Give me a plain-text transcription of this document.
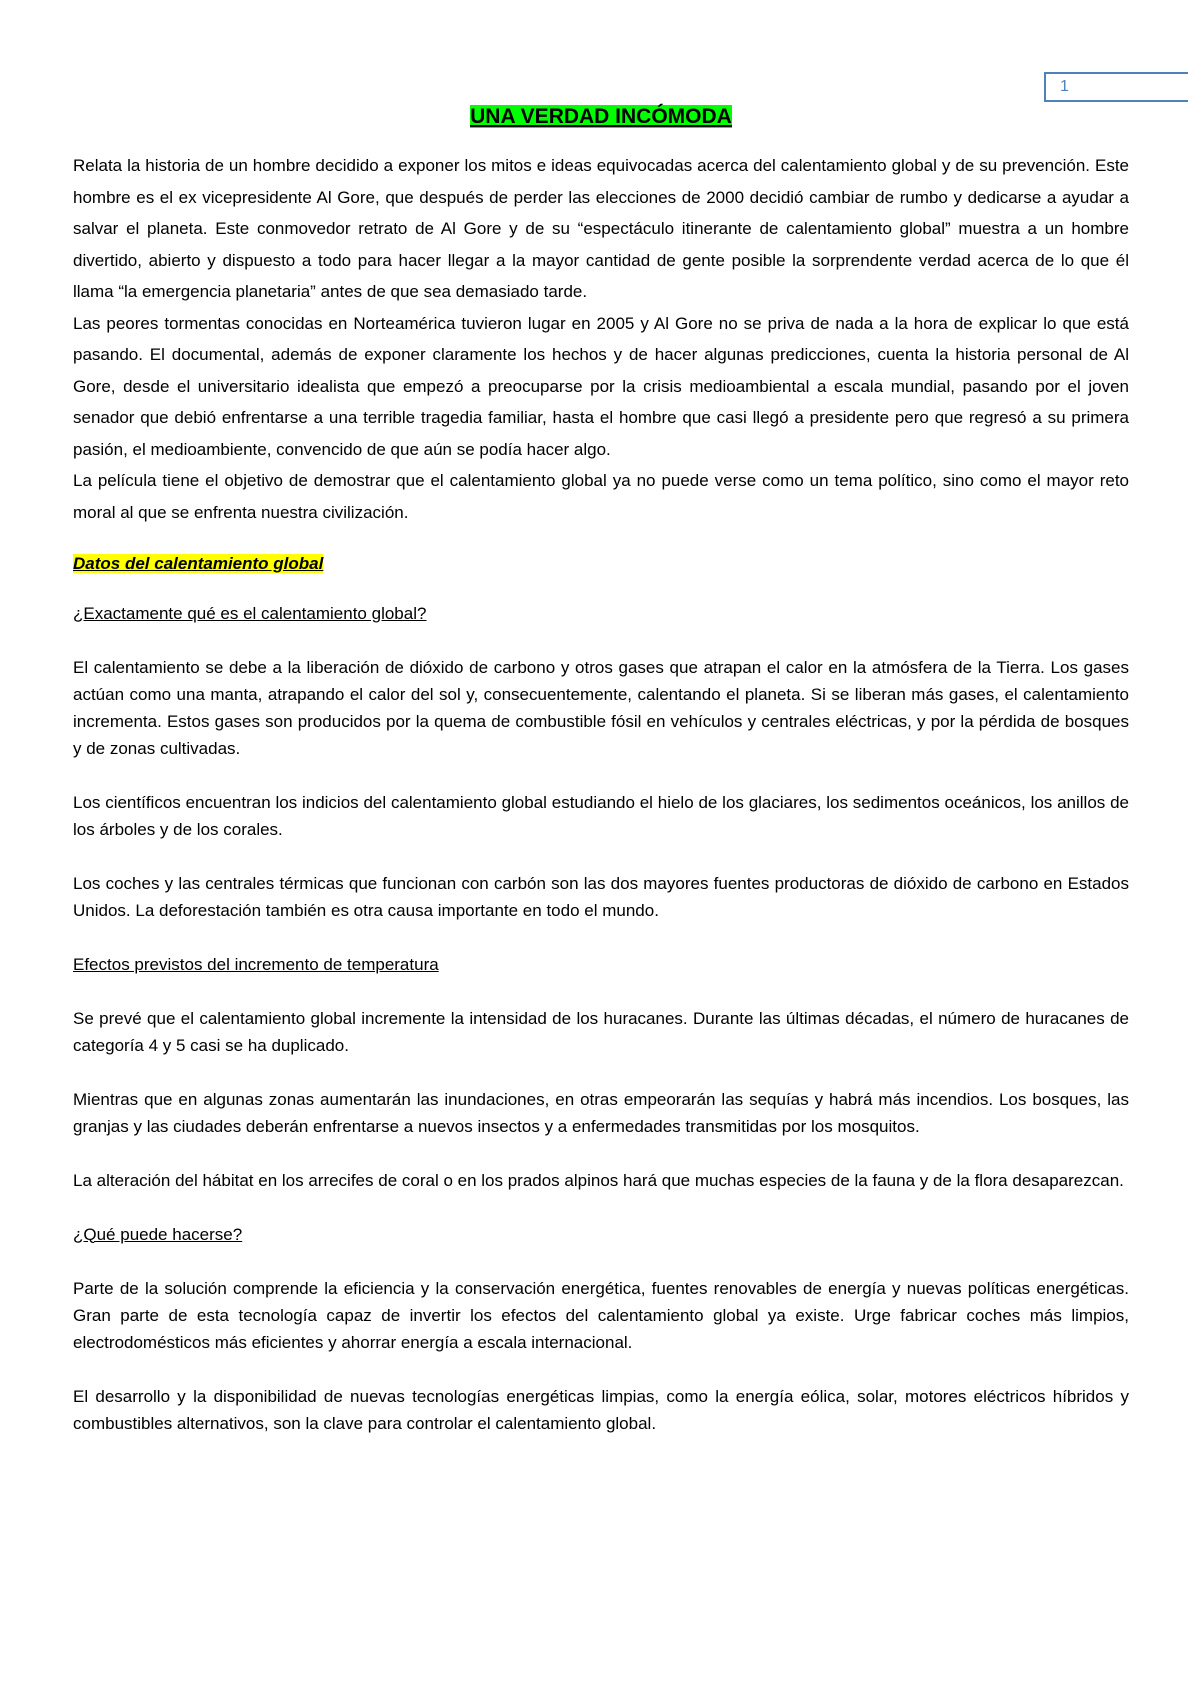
1
UNA VERDAD INCÓMODA

Relata la historia de un hombre decidido a exponer los mitos e ideas equivocadas acerca del calentamiento global y de su prevención. Este hombre es el ex vicepresidente Al Gore, que después de perder las elecciones de 2000 decidió cambiar de rumbo y dedicarse a ayudar a salvar el planeta. Este conmovedor retrato de Al Gore y de su “espectáculo itinerante de calentamiento global” muestra a un hombre divertido, abierto y dispuesto a todo para hacer llegar a la mayor cantidad de gente posible la sorprendente verdad acerca de lo que él llama “la emergencia planetaria” antes de que sea demasiado tarde.

Las peores tormentas conocidas en Norteamérica tuvieron lugar en 2005 y Al Gore no se priva de nada a la hora de explicar lo que está pasando. El documental, además de exponer claramente los hechos y de hacer algunas predicciones, cuenta la historia personal de Al Gore, desde el universitario idealista que empezó a preocuparse por la crisis medioambiental a escala mundial, pasando por el joven senador que debió enfrentarse a una terrible tragedia familiar, hasta el hombre que casi llegó a presidente pero que regresó a su primera pasión, el medioambiente, convencido de que aún se podía hacer algo.

La película tiene el objetivo de demostrar que el calentamiento global ya no puede verse como un tema político, sino como el mayor reto moral al que se enfrenta nuestra civilización.

Datos del calentamiento global

¿Exactamente qué es el calentamiento global?

El calentamiento se debe a la liberación de dióxido de carbono y otros gases que atrapan el calor en la atmósfera de la Tierra. Los gases actúan como una manta, atrapando el calor del sol y, consecuentemente, calentando el planeta. Si se liberan más gases, el calentamiento incrementa. Estos gases son producidos por la quema de combustible fósil en vehículos y centrales eléctricas, y por la pérdida de bosques y de zonas cultivadas.

Los científicos encuentran los indicios del calentamiento global estudiando el hielo de los glaciares, los sedimentos oceánicos, los anillos de los árboles y de los corales.

Los coches y las centrales térmicas que funcionan con carbón son las dos mayores fuentes productoras de dióxido de carbono en Estados Unidos. La deforestación también es otra causa importante en todo el mundo.

Efectos previstos del incremento de temperatura

Se prevé que el calentamiento global incremente la intensidad de los huracanes. Durante las últimas décadas, el número de huracanes de categoría 4 y 5 casi se ha duplicado.

Mientras que en algunas zonas aumentarán las inundaciones, en otras empeorarán las sequías y habrá más incendios. Los bosques, las granjas y las ciudades deberán enfrentarse a nuevos insectos y a enfermedades transmitidas por los mosquitos.

La alteración del hábitat en los arrecifes de coral o en los prados alpinos hará que muchas especies de la fauna y de la flora desaparezcan.

¿Qué puede hacerse?

Parte de la solución comprende la eficiencia y la conservación energética, fuentes renovables de energía y nuevas políticas energéticas. Gran parte de esta tecnología capaz de invertir los efectos del calentamiento global ya existe. Urge fabricar coches más limpios, electrodomésticos más eficientes y ahorrar energía a escala internacional.

El desarrollo y la disponibilidad de nuevas tecnologías energéticas limpias, como la energía eólica, solar, motores eléctricos híbridos y combustibles alternativos, son la clave para controlar el calentamiento global.
